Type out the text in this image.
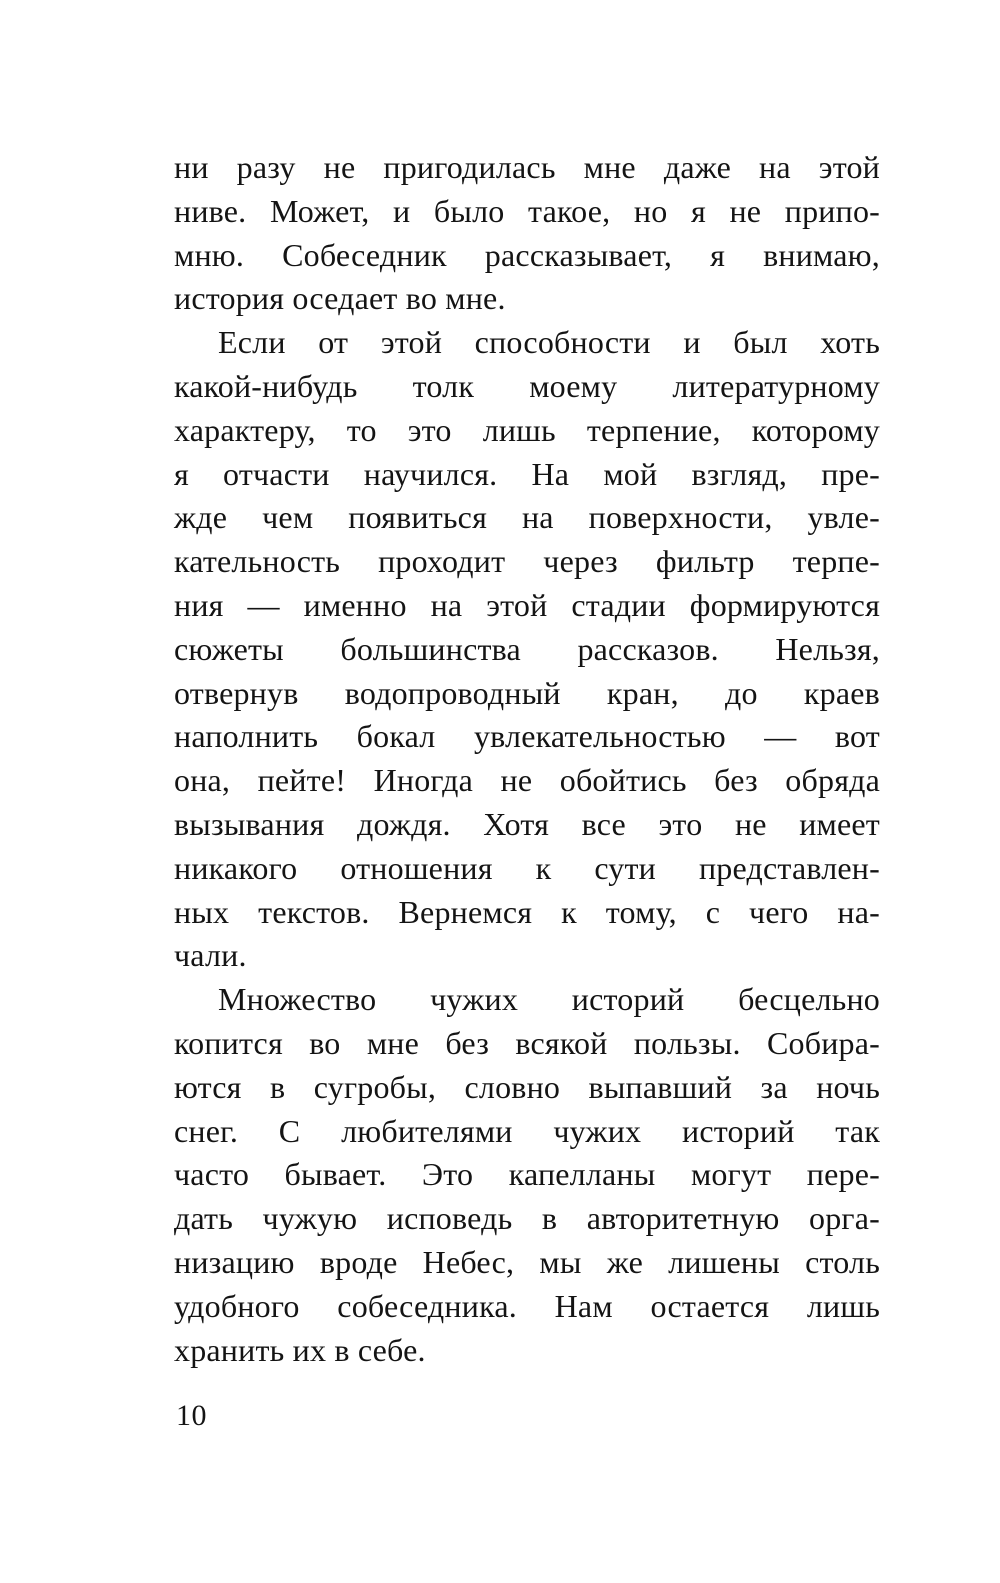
ни разу не пригодилась мне даже на этой
ниве. Может, и было такое, но я не припо-
мню. Собеседник рассказывает, я внимаю,
история оседает во мне.
Если от этой способности и был хоть
какой-нибудь толк моему литературному
характеру, то это лишь терпение, которому
я отчасти научился. На мой взгляд, пре-
жде чем появиться на поверхности, увле-
кательность проходит через фильтр терпе-
ния — именно на этой стадии формируются
сюжеты большинства рассказов. Нельзя,
отвернув водопроводный кран, до краев
наполнить бокал увлекательностью — вот
она, пейте! Иногда не обойтись без обряда
вызывания дождя. Хотя все это не имеет
никакого отношения к сути представлен-
ных текстов. Вернемся к тому, с чего на-
чали.
Множество чужих историй бесцельно
копится во мне без всякой пользы. Собира-
ются в сугробы, словно выпавший за ночь
снег. С любителями чужих историй так
часто бывает. Это капелланы могут пере-
дать чужую исповедь в авторитетную орга-
низацию вроде Небес, мы же лишены столь
удобного собеседника. Нам остается лишь
хранить их в себе.
10
